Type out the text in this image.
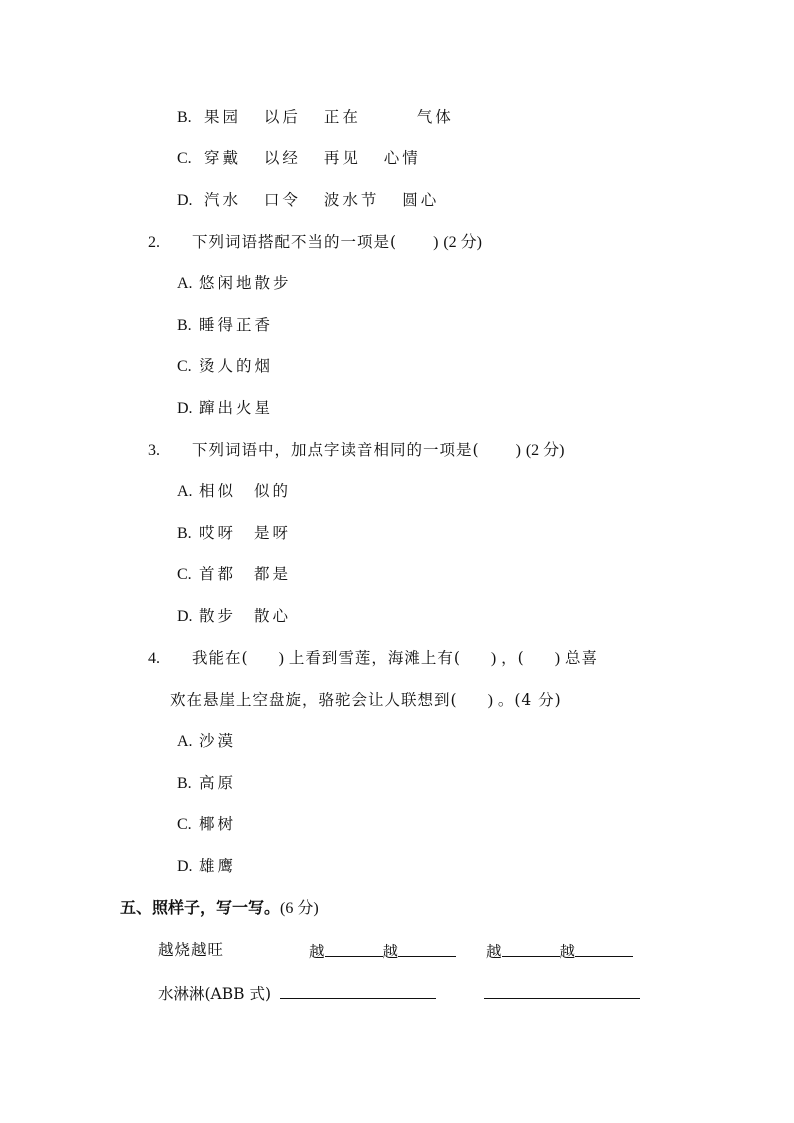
B. 果园 以后 正在	气体
C. 穿戴 以经 再见 心情
D. 汽水 口令 波水节 圆心
2. 下列词语搭配不当的一项是( ) (2 分)
A. 悠闲地散步
B. 睡得正香
C. 烫人的烟
D. 蹿出火星
3. 下列词语中，加点字读音相同的一项是( ) (2 分)
A. 相似 似的
B. 哎呀 是呀
C. 首都 都是
D. 散步 散心
4. 我能在( ) 上看到雪莲，海滩上有( ) ，( ) 总喜
欢在悬崖上空盘旋，骆驼会让人联想到( ) 。(4 分)
A. 沙漠
B. 高原
C. 椰树
D. 雄鹰
五、照样子，写一写。(6 分)
越烧越旺	越	越	越	越
水淋淋(ABB 式)
